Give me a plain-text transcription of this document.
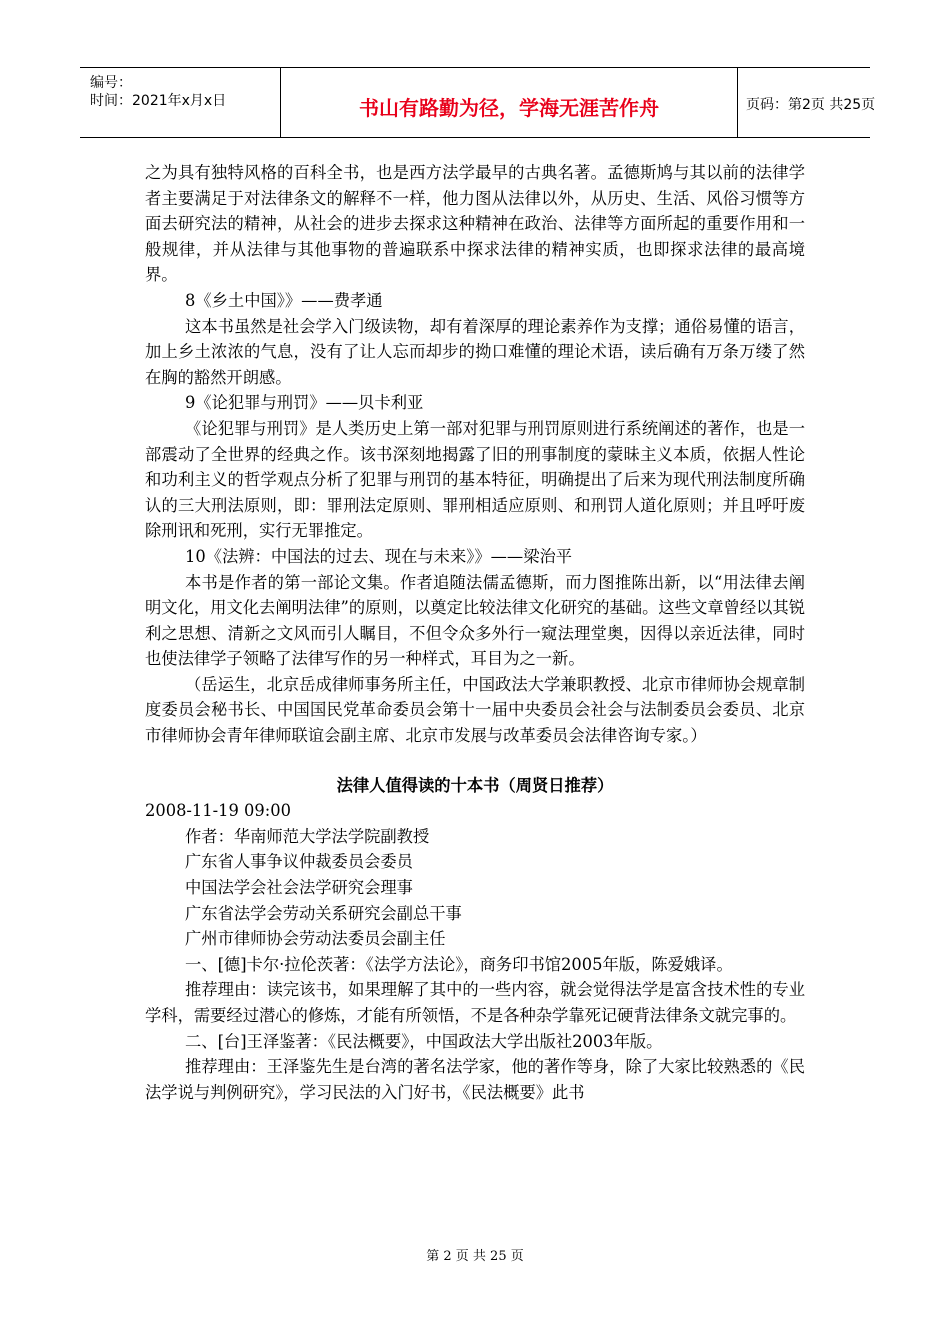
编号：
时间：2021年x月x日	书山有路勤为径，学海无涯苦作舟	页码：第2页 共25页

之为具有独特风格的百科全书，也是西方法学最早的古典名著。孟德斯鸠与其以前的法律学者主要满足于对法律条文的解释不一样，他力图从法律以外，从历史、生活、风俗习惯等方面去研究法的精神，从社会的进步去探求这种精神在政治、法律等方面所起的重要作用和一般规律，并从法律与其他事物的普遍联系中探求法律的精神实质，也即探求法律的最高境界。

8《乡土中国》》——费孝通

这本书虽然是社会学入门级读物，却有着深厚的理论素养作为支撑；通俗易懂的语言，加上乡土浓浓的气息，没有了让人忘而却步的拗口难懂的理论术语，读后确有万条万缕了然在胸的豁然开朗感。

9《论犯罪与刑罚》——贝卡利亚

《论犯罪与刑罚》是人类历史上第一部对犯罪与刑罚原则进行系统阐述的著作，也是一部震动了全世界的经典之作。该书深刻地揭露了旧的刑事制度的蒙昧主义本质，依据人性论和功利主义的哲学观点分析了犯罪与刑罚的基本特征，明确提出了后来为现代刑法制度所确认的三大刑法原则，即：罪刑法定原则、罪刑相适应原则、和刑罚人道化原则；并且呼吁废除刑讯和死刑，实行无罪推定。

10《法辨：中国法的过去、现在与未来》》——梁治平

本书是作者的第一部论文集。作者追随法儒孟德斯，而力图推陈出新，以“用法律去阐明文化，用文化去阐明法律”的原则，以奠定比较法律文化研究的基础。这些文章曾经以其锐利之思想、清新之文风而引人瞩目，不但令众多外行一窥法理堂奥，因得以亲近法律，同时也使法律学子领略了法律写作的另一种样式，耳目为之一新。

（岳运生，北京岳成律师事务所主任，中国政法大学兼职教授、北京市律师协会规章制度委员会秘书长、中国国民党革命委员会第十一届中央委员会社会与法制委员会委员、北京市律师协会青年律师联谊会副主席、北京市发展与改革委员会法律咨询专家。）

法律人值得读的十本书（周贤日推荐）

2008-11-19 09:00

作者：华南师范大学法学院副教授

广东省人事争议仲裁委员会委员

中国法学会社会法学研究会理事

广东省法学会劳动关系研究会副总干事

广州市律师协会劳动法委员会副主任

一、[德]卡尔·拉伦茨著：《法学方法论》，商务印书馆2005年版，陈爱娥译。

推荐理由：读完该书，如果理解了其中的一些内容，就会觉得法学是富含技术性的专业学科，需要经过潜心的修炼，才能有所领悟，不是各种杂学靠死记硬背法律条文就完事的。

二、[台]王泽鉴著：《民法概要》，中国政法大学出版社2003年版。

推荐理由：王泽鉴先生是台湾的著名法学家，他的著作等身，除了大家比较熟悉的《民法学说与判例研究》，学习民法的入门好书，《民法概要》此书

第 2 页 共 25 页
